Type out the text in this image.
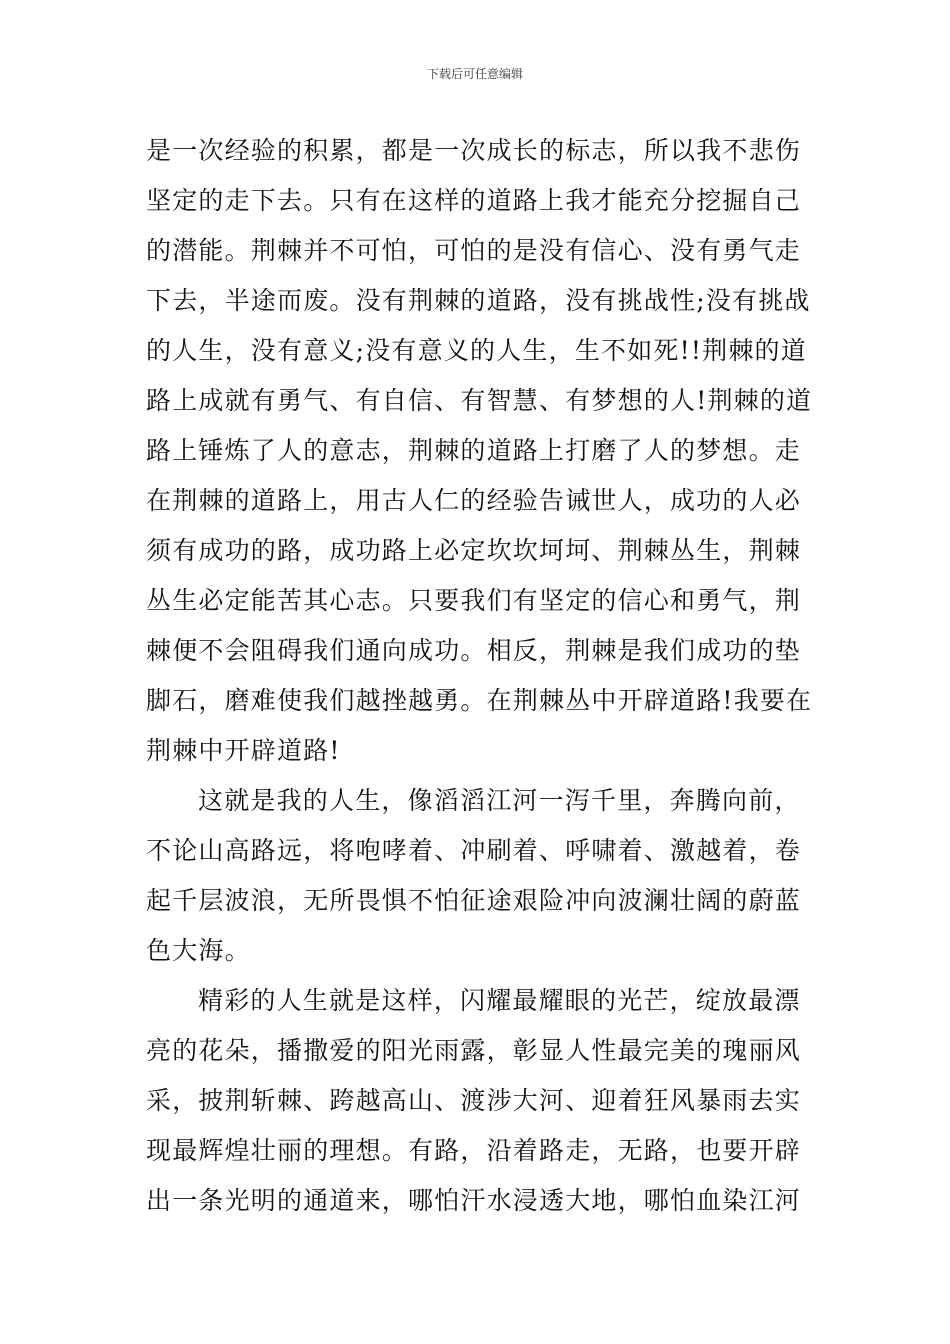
下载后可任意编辑

是一次经验的积累，都是一次成长的标志，所以我不悲伤
坚定的走下去。只有在这样的道路上我才能充分挖掘自己
的潜能。荆棘并不可怕，可怕的是没有信心、没有勇气走
下去，半途而废。没有荆棘的道路，没有挑战性;没有挑战
的人生，没有意义;没有意义的人生，生不如死!!荆棘的道
路上成就有勇气、有自信、有智慧、有梦想的人!荆棘的道
路上锤炼了人的意志，荆棘的道路上打磨了人的梦想。走
在荆棘的道路上，用古人仁的经验告诫世人，成功的人必
须有成功的路，成功路上必定坎坎坷坷、荆棘丛生，荆棘
丛生必定能苦其心志。只要我们有坚定的信心和勇气，荆
棘便不会阻碍我们通向成功。相反，荆棘是我们成功的垫
脚石，磨难使我们越挫越勇。在荆棘丛中开辟道路!我要在
荆棘中开辟道路!

这就是我的人生，像滔滔江河一泻千里，奔腾向前，
不论山高路远，将咆哮着、冲刷着、呼啸着、激越着，卷
起千层波浪，无所畏惧不怕征途艰险冲向波澜壮阔的蔚蓝
色大海。

精彩的人生就是这样，闪耀最耀眼的光芒，绽放最漂
亮的花朵，播撒爱的阳光雨露，彰显人性最完美的瑰丽风
采，披荆斩棘、跨越高山、渡涉大河、迎着狂风暴雨去实
现最辉煌壮丽的理想。有路，沿着路走，无路，也要开辟
出一条光明的通道来，哪怕汗水浸透大地，哪怕血染江河
